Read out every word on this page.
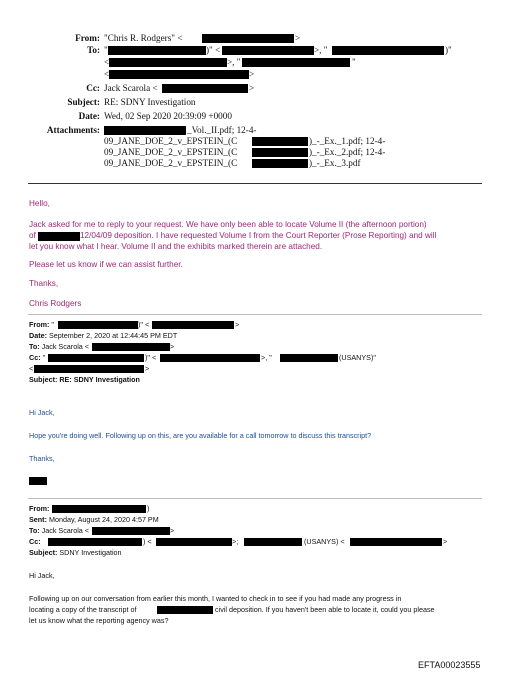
From: "Chris R. Rodgers" <	>
To: "	)" <	>, "	)"
<	>, "	"
<	>
Cc: Jack Scarola <	>
Subject: RE: SDNY Investigation
Date: Wed, 02 Sep 2020 20:39:09 +0000
Attachments:	_Vol._II.pdf; 12-4-
09_JANE_DOE_2_v_EPSTEIN_(C	)_-_Ex._1.pdf; 12-4-
09_JANE_DOE_2_v_EPSTEIN_(C	)_-_Ex._2.pdf; 12-4-
09_JANE_DOE_2_v_EPSTEIN_(C	)_-_Ex._3.pdf
Hello,
Jack asked for me to reply to your request. We have only been able to locate Volume II (the afternoon portion)
of	12/04/09 deposition. I have requested Volume I from the Court Reporter (Prose Reporting) and will
let you know what I hear. Volume II and the exhibits marked therein are attached.
Please let us know if we can assist further.
Thanks,
Chris Rodgers
From: "	)" <	>
Date: September 2, 2020 at 12:44:45 PM EDT
To: Jack Scarola <	>
Cc: "	)" <	>, "	(USANYS)"
<	>
Subject: RE: SDNY Investigation
Hi Jack,
Hope you're doing well. Following up on this, are you available for a call tomorrow to discuss this transcript?
Thanks,
From:	)
Sent: Monday, August 24, 2020 4:57 PM
To: Jack Scarola <	>
Cc:	) <	>;	(USANYS) <	>
Subject: SDNY Investigation
Hi Jack,
Following up on our conversation from earlier this month, I wanted to check in to see if you had made any progress in
locating a copy of the transcript of	civil deposition. If you haven't been able to locate it, could you please
let us know what the reporting agency was?
EFTA00023555
